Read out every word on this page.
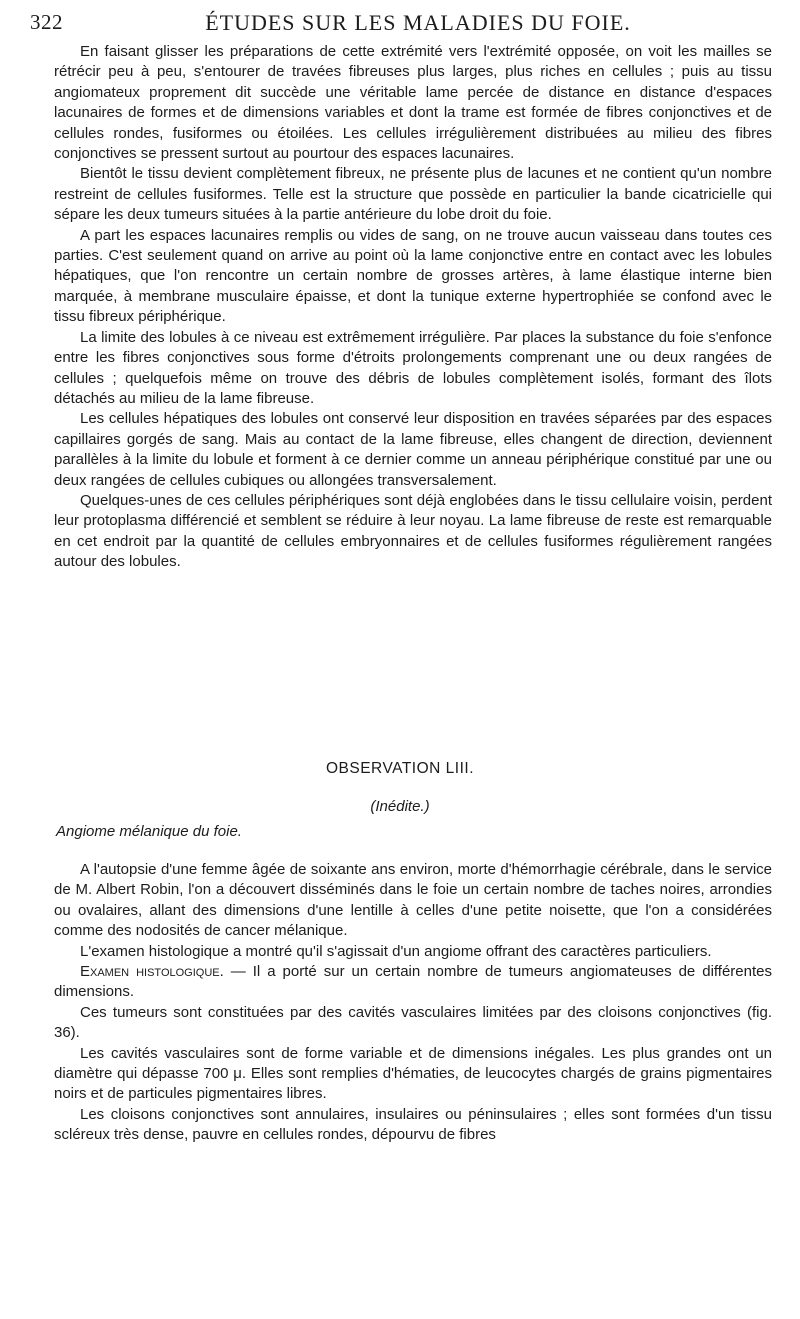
322	ÉTUDES SUR LES MALADIES DU FOIE.

En faisant glisser les préparations de cette extrémité vers l'extrémité opposée, on voit les mailles se rétrécir peu à peu, s'entourer de travées fibreuses plus larges, plus riches en cellules ; puis au tissu angiomateux proprement dit succède une véritable lame percée de distance en distance d'espaces lacunaires de formes et de dimensions variables et dont la trame est formée de fibres conjonctives et de cellules rondes, fusiformes ou étoilées. Les cellules irrégulièrement distribuées au milieu des fibres conjonctives se pressent surtout au pourtour des espaces lacunaires.

Bientôt le tissu devient complètement fibreux, ne présente plus de lacunes et ne contient qu'un nombre restreint de cellules fusiformes. Telle est la structure que possède en particulier la bande cicatricielle qui sépare les deux tumeurs situées à la partie antérieure du lobe droit du foie.

A part les espaces lacunaires remplis ou vides de sang, on ne trouve aucun vaisseau dans toutes ces parties. C'est seulement quand on arrive au point où la lame conjonctive entre en contact avec les lobules hépatiques, que l'on rencontre un certain nombre de grosses artères, à lame élastique interne bien marquée, à membrane musculaire épaisse, et dont la tunique externe hypertrophiée se confond avec le tissu fibreux périphérique.

La limite des lobules à ce niveau est extrêmement irrégulière. Par places la substance du foie s'enfonce entre les fibres conjonctives sous forme d'étroits prolongements comprenant une ou deux rangées de cellules ; quelquefois même on trouve des débris de lobules complètement isolés, formant des îlots détachés au milieu de la lame fibreuse.

Les cellules hépatiques des lobules ont conservé leur disposition en travées séparées par des espaces capillaires gorgés de sang. Mais au contact de la lame fibreuse, elles changent de direction, deviennent parallèles à la limite du lobule et forment à ce dernier comme un anneau périphérique constitué par une ou deux rangées de cellules cubiques ou allongées transversalement.

Quelques-unes de ces cellules périphériques sont déjà englobées dans le tissu cellulaire voisin, perdent leur protoplasma différencié et semblent se réduire à leur noyau. La lame fibreuse de reste est remarquable en cet endroit par la quantité de cellules embryonnaires et de cellules fusiformes régulièrement rangées autour des lobules.

OBSERVATION LIII.
(Inédite.)
Angiome mélanique du foie.

A l'autopsie d'une femme âgée de soixante ans environ, morte d'hémorrhagie cérébrale, dans le service de M. Albert Robin, l'on a découvert disséminés dans le foie un certain nombre de taches noires, arrondies ou ovalaires, allant des dimensions d'une lentille à celles d'une petite noisette, que l'on a considérées comme des nodosités de cancer mélanique.

L'examen histologique a montré qu'il s'agissait d'un angiome offrant des caractères particuliers.

Examen histologique. — Il a porté sur un certain nombre de tumeurs angiomateuses de différentes dimensions.

Ces tumeurs sont constituées par des cavités vasculaires limitées par des cloisons conjonctives (fig. 36).

Les cavités vasculaires sont de forme variable et de dimensions inégales. Les plus grandes ont un diamètre qui dépasse 700 μ. Elles sont remplies d'hématies, de leucocytes chargés de grains pigmentaires noirs et de particules pigmentaires libres.

Les cloisons conjonctives sont annulaires, insulaires ou péninsulaires ; elles sont formées d'un tissu scléreux très dense, pauvre en cellules rondes, dépourvu de fibres
